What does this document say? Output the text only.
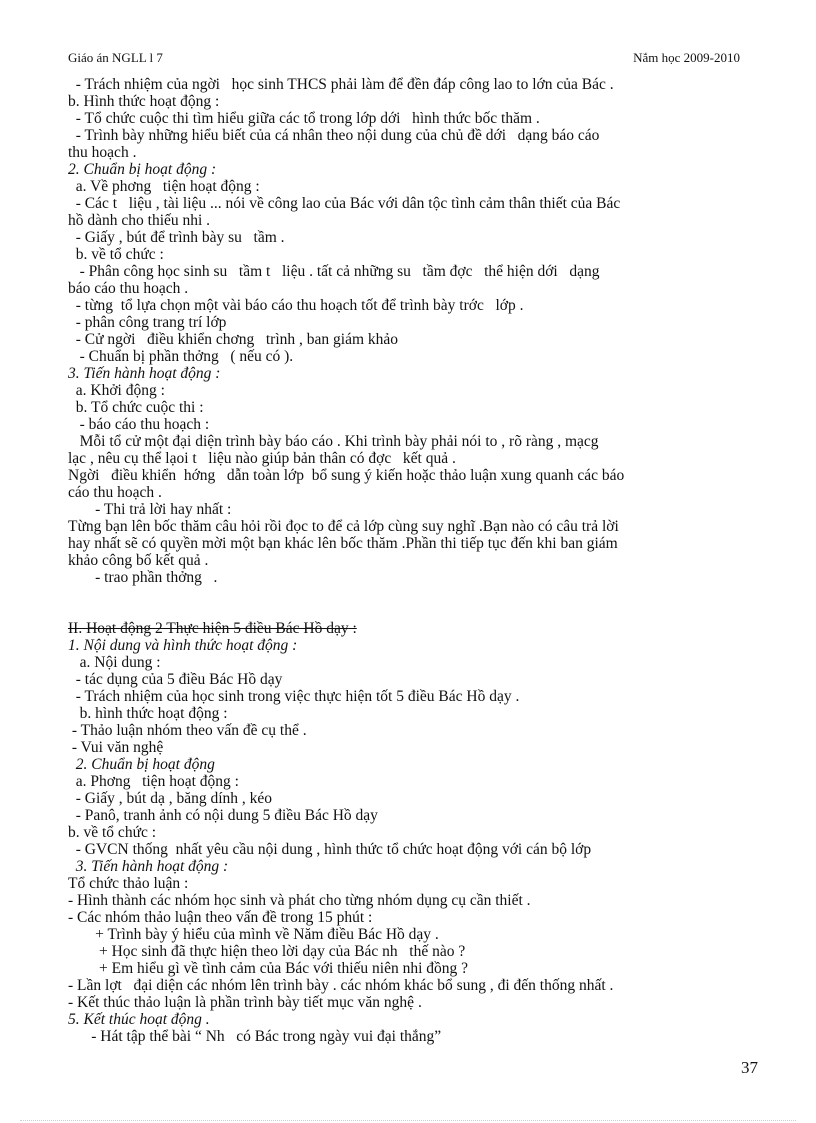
Giáo án NGLL l 7	Nắm học 2009-2010
- Trách nhiệm của ngời   học sinh THCS phải làm để đền đáp công lao to lớn của Bác .
b. Hình thức hoạt động :
- Tổ chức cuộc thi tìm hiểu giữa các tổ trong lớp dới   hình thức bốc thăm .
- Trình bày những hiểu biết của cá nhân theo nội dung của chủ đề dới   dạng báo cáo
thu hoạch .
2. Chuẩn bị hoạt động :
a. Về phơng   tiện hoạt động :
- Các t   liệu , tài liệu ... nói về công lao của Bác với dân tộc tình cảm thân thiết của Bác
hồ dành cho thiếu nhi .
- Giấy , bút để trình bày su   tầm .
b. về tổ chức :
- Phân công học sinh su   tầm t   liệu . tất cả những su   tầm đợc   thể hiện dới   dạng
báo cáo thu hoạch .
- từng  tổ lựa chọn một vài báo cáo thu hoạch tốt để trình bày trớc   lớp .
- phân công trang trí lớp
- Cử ngời   điều khiển chơng   trình , ban giám khảo
- Chuẩn bị phần thởng   ( nếu có ).
3. Tiến hành hoạt động :
a. Khởi động :
b. Tổ chức cuộc thi :
- báo cáo thu hoạch :
Mỗi tổ cử một đại diện trình bày báo cáo . Khi trình bày phải nói to , rõ ràng , mạcg
lạc , nêu cụ thể lạoi t   liệu nào giúp bản thân có đợc   kết quả .
Ngời   điều khiển  hớng   dẫn toàn lớp  bổ sung ý kiến hoặc thảo luận xung quanh các báo
cáo thu hoạch .
- Thi trả lời hay nhất :
Từng bạn lên bốc thăm câu hỏi rồi đọc to để cả lớp cùng suy nghĩ .Bạn nào có câu trả lời
hay nhất sẽ có quyền mời một bạn khác lên bốc thăm .Phần thi tiếp tục đến khi ban giám
khảo công bố kết quả .
- trao phần thởng   .
II. Hoạt động 2 Thực hiện 5 điều Bác Hồ dạy :
1. Nội dung và hình thức hoạt động :
a. Nội dung :
- tác dụng của 5 điều Bác Hồ dạy
- Trách nhiệm của học sinh trong việc thực hiện tốt 5 điều Bác Hồ dạy .
b. hình thức hoạt động :
- Thảo luận nhóm theo vấn đề cụ thể .
- Vui văn nghệ
2. Chuẩn bị hoạt động
a. Phơng   tiện hoạt động :
- Giấy , bút dạ , băng dính , kéo
- Panô, tranh ảnh có nội dung 5 điều Bác Hồ dạy
b. về tổ chức :
- GVCN thống  nhất yêu cầu nội dung , hình thức tổ chức hoạt động với cán bộ lớp
3. Tiến hành hoạt động :
Tổ chức thảo luận :
- Hình thành các nhóm học sinh và phát cho từng nhóm dụng cụ cần thiết .
- Các nhóm thảo luận theo vấn đề trong 15 phút :
+ Trình bày ý hiểu của mình về Năm điều Bác Hồ dạy .
+ Học sinh đã thực hiện theo lời dạy của Bác nh   thế nào ?
+ Em hiểu gì về tình cảm của Bác với thiếu niên nhi đồng ?
- Lần lợt   đại diện các nhóm lên trình bày . các nhóm khác bổ sung , đi đến thống nhất .
- Kết thúc thảo luận là phần trình bày tiết mục văn nghệ .
5. Kết thúc hoạt động .
- Hát tập thể bài “ Nh   có Bác trong ngày vui đại thắng”
37
